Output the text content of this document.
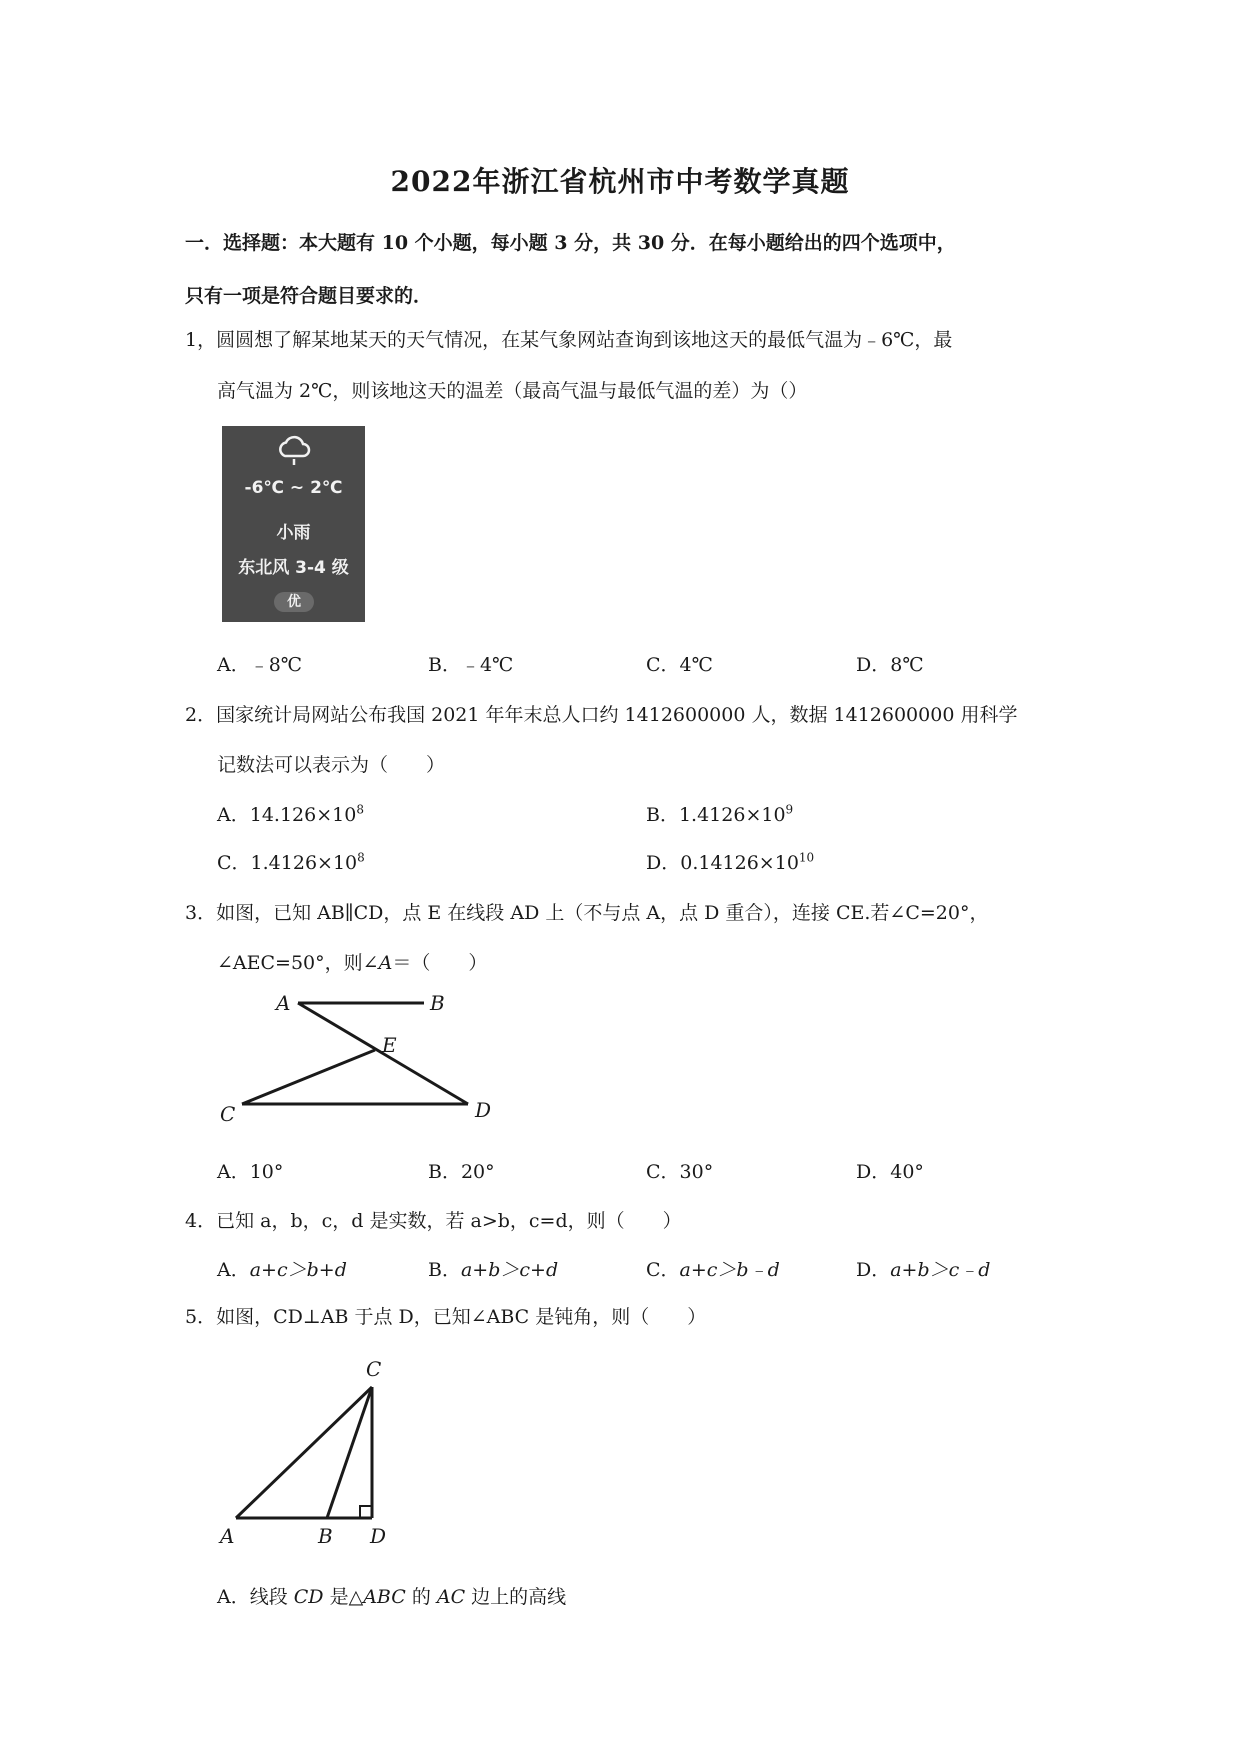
2022年浙江省杭州市中考数学真题
一．选择题：本大题有 10 个小题，每小题 3 分，共 30 分．在每小题给出的四个选项中，
只有一项是符合题目要求的．
1，圆圆想了解某地某天的天气情况，在某气象网站查询到该地这天的最低气温为﹣6℃，最
高气温为 2℃，则该地这天的温差（最高气温与最低气温的差）为（）
-6℃ ~ 2℃
小雨
东北风 3-4 级
优
A．﹣8℃	B．﹣4℃	C．4℃	D．8℃
2．国家统计局网站公布我国 2021 年年末总人口约 1412600000 人，数据 1412600000 用科学
记数法可以表示为（　　）
A．$14.126\times 10^8$	B．$1.4126\times 10^9$
C．$1.4126\times 10^8$	D．$0.14126\times 10^{10}$
3．如图，已知 AB∥CD，点 E 在线段 AD 上（不与点 A，点 D 重合），连接 CE.若∠C=20°，
∠AEC=50°，则∠A＝（　　）
A	B
E
C	D
A．10°	B．20°	C．30°	D．40°
4．已知 a，b，c，d 是实数，若 a>b，c=d，则（　　）
A．a+c＞b+d	B．a+b＞c+d	C．a+c＞b﹣d	D．a+b＞c﹣d
5．如图，CD⊥AB 于点 D，已知∠ABC 是钝角，则（　　）
C
A	B D
A．线段 CD 是△ABC 的 AC 边上的高线
